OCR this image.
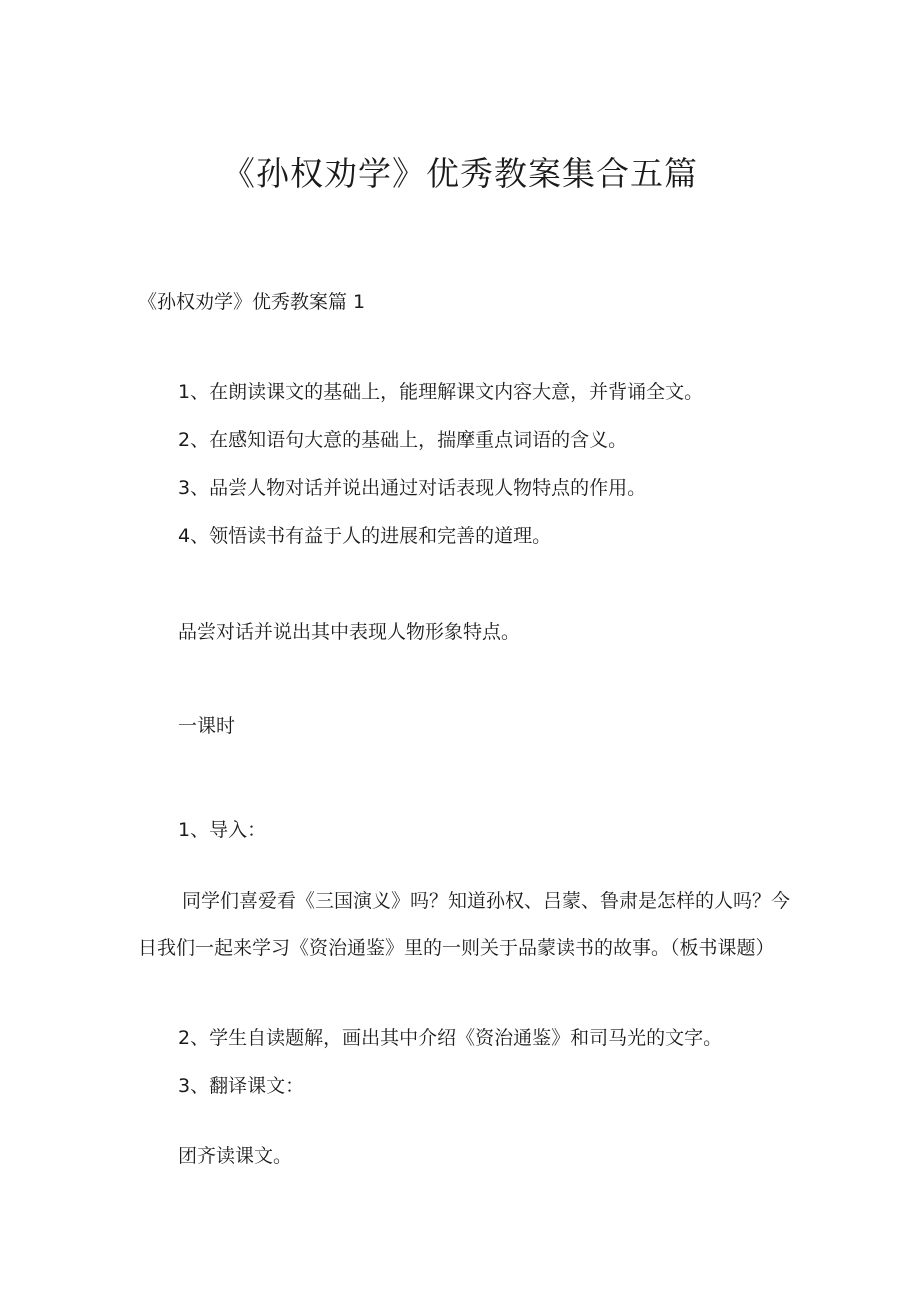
《孙权劝学》优秀教案集合五篇
《孙权劝学》优秀教案篇 1
1、在朗读课文的基础上，能理解课文内容大意，并背诵全文。
2、在感知语句大意的基础上，揣摩重点词语的含义。
3、品尝人物对话并说出通过对话表现人物特点的作用。
4、领悟读书有益于人的进展和完善的道理。
品尝对话并说出其中表现人物形象特点。
一课时
1、导入：
同学们喜爱看《三国演义》吗？知道孙权、吕蒙、鲁肃是怎样的人吗？今日我们一起来学习《资治通鉴》里的一则关于品蒙读书的故事。（板书课题）
2、学生自读题解，画出其中介绍《资治通鉴》和司马光的文字。
3、翻译课文：
团齐读课文。
